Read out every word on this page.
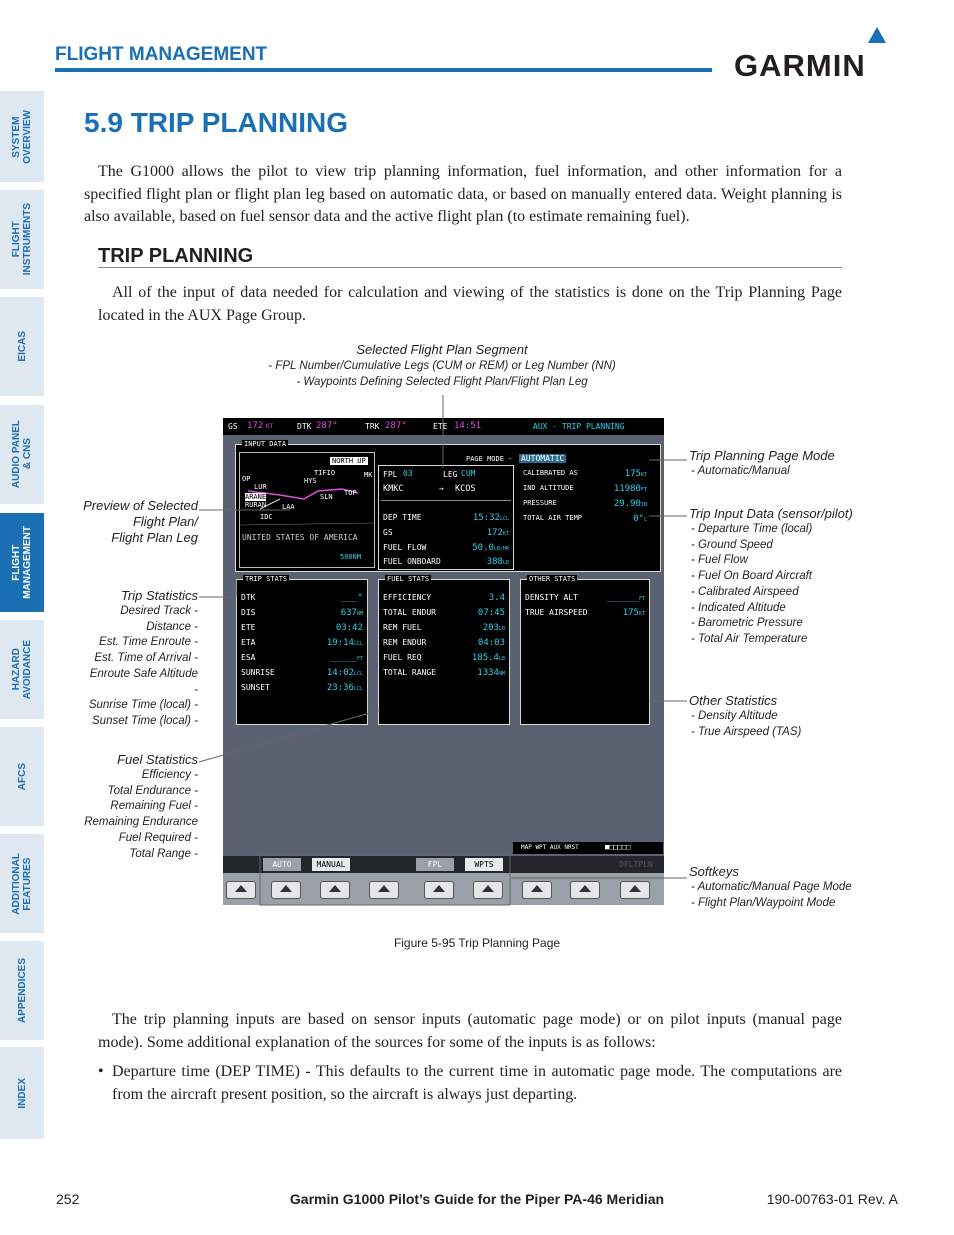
SYSTEM
OVERVIEW
FLIGHT
INSTRUMENTS
EICAS
AUDIO PANEL
& CNS
FLIGHT
MANAGEMENT
HAZARD
AVOIDANCE
AFCS
ADDITIONAL
FEATURES
APPENDICES
INDEX
FLIGHT MANAGEMENT	GARMIN
5.9 TRIP PLANNING

The G1000 allows the pilot to view trip planning information, fuel information, and other information for a specified flight plan or flight plan leg based on automatic data, or based on manually entered data. Weight planning is also available, based on fuel sensor data and the active flight plan (to estimate remaining fuel).

TRIP PLANNING

All of the input of data needed for calculation and viewing of the statistics is done on the Trip Planning Page located in the AUX Page Group.

Selected Flight Plan Segment
- FPL Number/Cumulative Legs (CUM or REM) or Leg Number (NN)
- Waypoints Defining Selected Flight Plan/Flight Plan Leg
Preview of Selected
Flight Plan/
Flight Plan Leg
Trip Statistics
Desired Track -
Distance -
Est. Time Enroute -
Est. Time of Arrival -
Enroute Safe Altitude
-
Sunrise Time (local) -
Sunset Time (local) -
Fuel Statistics
Efficiency -
Total Endurance -
Remaining Fuel -
Remaining Endurance
Fuel Required -
Total Range -
Trip Planning Page Mode
- Automatic/Manual
Trip Input Data (sensor/pilot)
- Departure Time (local)
- Ground Speed
- Fuel Flow
- Fuel On Board Aircraft
- Calibrated Airspeed
- Indicated Altitude
- Barometric Pressure
- Total Air Temperature
Other Statistics
- Density Altitude
- True Airspeed (TAS)
Softkeys
- Automatic/Manual Page Mode
- Flight Plan/Waypoint Mode
GS 172 KT	DTK 287°	TRK 287°	ETE 14:51	AUX - TRIP PLANNING
INPUT DATA
NORTH UP
OP
LUR
ARANE
RURAN
HYS
TIFIO
SLN TOP
MK
LAA
IDC
UNITED STATES OF AMERICA
500NM
PAGE MODE - AUTOMATIC
FPL 03	LEG CUM
KMKC	→ KCOS
DEP TIME	15:32LCL
GS	172KT
FUEL FLOW	50.0LB/HR
FUEL ONBOARD	388LB
CALIBRATED AS	175KT
IND ALTITUDE	11980FT
PRESSURE	29.90IN
TOTAL AIR TEMP	0°C
TRIP STATS
DTK	___°
DIS	637NM
ETE	03:42
ETA	19:14LCL
ESA	_____FT
SUNRISE	14:02LCL
SUNSET	23:36LCL
FUEL STATS
EFFICIENCY	3.4
TOTAL ENDUR	07:45
REM FUEL	203LB
REM ENDUR	04:03
FUEL REQ	185.4LB
TOTAL RANGE	1334NM
OTHER STATS
DENSITY ALT	______FT
TRUE AIRSPEED	175KT
MAP WPT AUX NRST	■□□□□□
AUTO	MANUAL	FPL	WPTS	DFLTPLN
Figure 5-95 Trip Planning Page

The trip planning inputs are based on sensor inputs (automatic page mode) or on pilot inputs (manual page mode). Some additional explanation of the sources for some of the inputs is as follows:

• Departure time (DEP TIME) - This defaults to the current time in automatic page mode. The computations are from the aircraft present position, so the aircraft is always just departing.

252	Garmin G1000 Pilot’s Guide for the Piper PA-46 Meridian	190-00763-01 Rev. A
